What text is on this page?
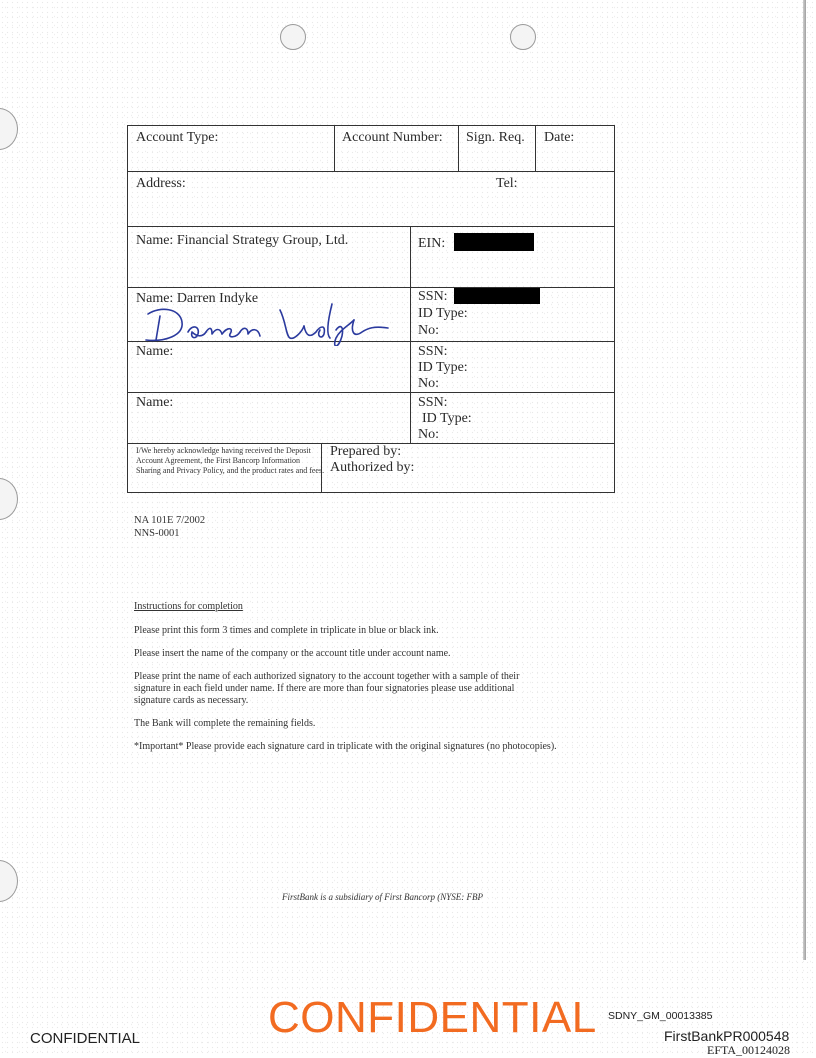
Account Type:	Account Number: Sign. Req. Date:
Address:	Tel:
Name: Financial Strategy Group, Ltd.	EIN:
Name: Darren Indyke	SSN:
ID Type:
No:
Name:	SSN:
ID Type:
No:
Name:	SSN:
ID Type:
No:
I/We hereby acknowledge having received the Deposit Account Agreement, the First Bancorp Information Sharing and Privacy Policy, and the product rates and fees.
Prepared by:
Authorized by:
NA 101E 7/2002
NNS-0001
Instructions for completion

Please print this form 3 times and complete in triplicate in blue or black ink.

Please insert the name of the company or the account title under account name.

Please print the name of each authorized signatory to the account together with a sample of their signature in each field under name. If there are more than four signatories please use additional signature cards as necessary.

The Bank will complete the remaining fields.

*Important* Please provide each signature card in triplicate with the original signatures (no photocopies).

FirstBank is a subsidiary of First Bancorp (NYSE: FBP
SDNY_GM_00013385
CONFIDENTIAL	CONFIDENTIAL	FirstBankPR000548
EFTA_00124028
